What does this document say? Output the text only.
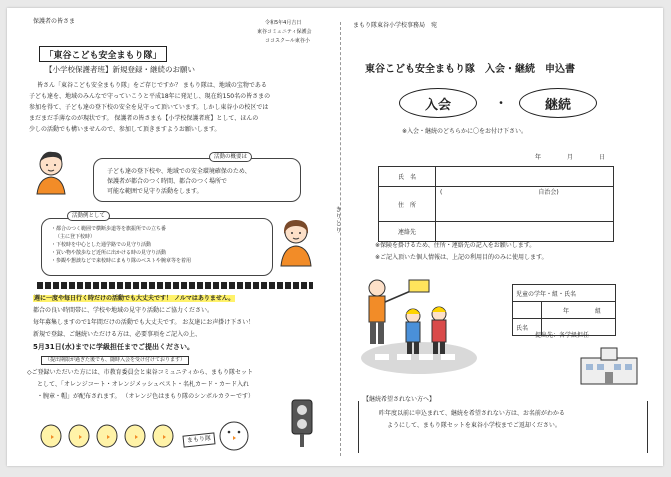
保護者の皆さま	令和5年4月吉日
東谷コミュニティ保護会
ココスクール東谷小
「東谷こども安全まもり隊」
【小学校保護者班】新規登録・継続のお願い
皆さん「東谷こども安全まもり隊」をご存じですか？ まもり隊は、地域の宝物である
子ども達を、地域のみんなで守っていこうと平成18年に発足し、現在約150名の皆さまの
参加を得て、子ども達の登下校の安全を見守って頂いています。しかし東谷小の校区では
まだまだ手薄なのが現状です。 保護者の皆さまも【小学校保護者班】として、ほんの
少しの活動でも構いませんので、参加して頂きますようお願いします。
活動の概要は
子ども達の登下校や、地域での安全環境確保のため、
保護者が都合のつく時間、都合のつく場所で
可能な範囲で見守り活動をします。
活動例として
・都合のつく範囲で横断歩道等を旗振所での立ち番
（主に登下校時）
・下校時を中心とした通学路での見守り活動
・買い物や散歩など近所に出かける時の見守り活動
・参観や懇談などで来校時にまもり隊のベストや腕章等を着用
週に一度や毎日行く時だけの活動でも大丈夫です！ ノルマはありません。
都合の良い時間帯に、学校や地域の見守り活動にご協力ください。
毎年募集しますので1年間だけの活動でも大丈夫です。 お友達にお声掛け下さい！
新規で登録、ご継続いただける方は、必要事項をご記入の上、
5月31日(水)までに学級担任までご提出ください。
（提出期限が過ぎた後でも、随時入会を受け付けております）
◇ご登録いただいた方には、市教育委員会と東谷コミュニティから、まもり隊セット
として、「オレンジコート・オレンジメッシュベスト・名札カード・カード入れ
・腕章・帽」が配布されます。 （オレンジ色はまもり隊のシンボルカラーです）
まもり隊
きりとり
まもり隊東谷小学校事務局　宛
東谷こども安全まもり隊　入会・継続　申込書
入会	・	継続
※入会・継続のどちらかに〇をお付け下さい。
年	月	日
氏　名	
住　所	(　　　　　　　　　　　　　　　　自治会)
連絡先	
※保険を掛けるため、住所・連絡先の記入をお願いします。
※ご記入頂いた個人情報は、上記の利用目的のみに使用します。
児童の学年・組・氏名	
	年 組
氏名	
提出先：各学級担任
【継続希望されない方へ】
昨年度以前に申込まれて、継続を希望されない方は、お名前がわかる
ようにして、まもり隊セットを東谷小学校までご返却ください。
